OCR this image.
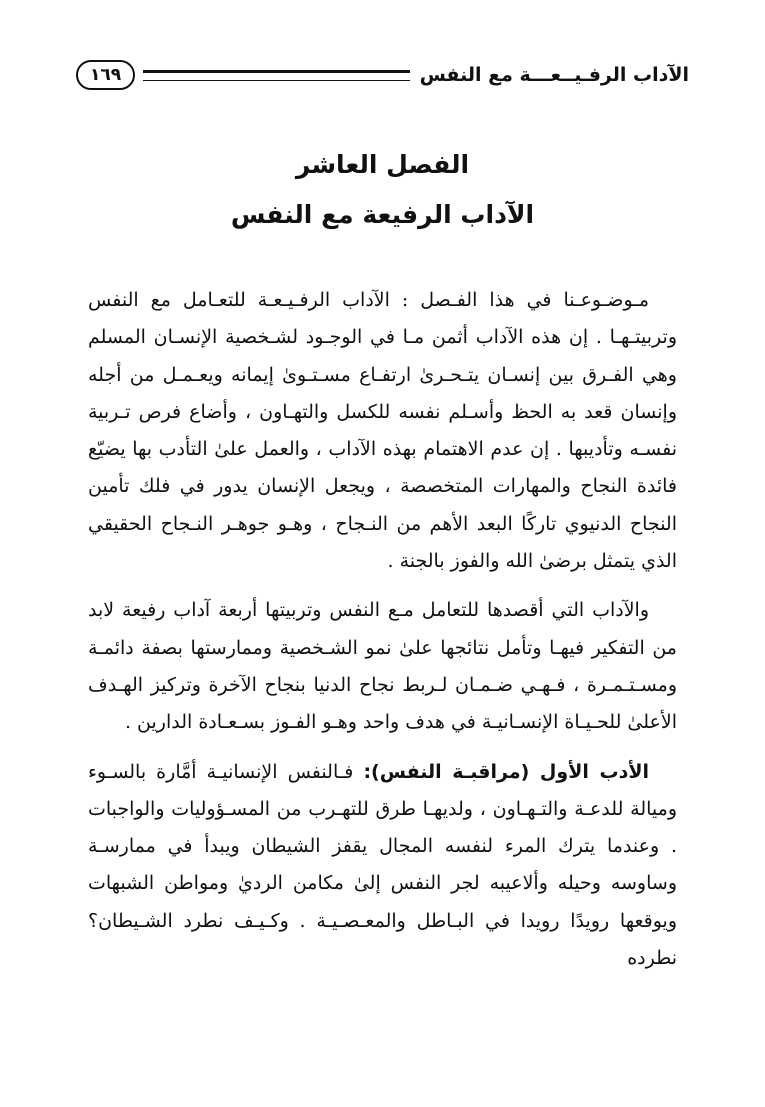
الآداب الرفـيــعـــة مع النفس
١٦٩
الفصل العاشر
الآداب الرفيعة مع النفس

مـوضـوعـنا في هذا الفـصل : الآداب الرفـيـعـة للتعـامل مع النفس وتربيتـهـا . إن هذه الآداب أثمن مـا في الوجـود لشـخصية الإنسـان المسلم وهي الفـرق بين إنسـان يتـحـرىٰ ارتفـاع مسـتـوىٰ إيمانه ويعـمـل من أجله وإنسان قعد به الحظ وأسـلم نفسه للكسل والتهـاون ، وأضاع فرص تـربية نفسـه وتأديبها . إن عدم الاهتمام بهذه الآداب ، والعمل علىٰ التأدب بها يضيّع فائدة النجاح والمهارات المتخصصة ، ويجعل الإنسان يدور في فلك تأمين النجاح الدنيوي تاركًا البعد الأهم من النـجاح ، وهـو جوهـر النـجاح الحقيقي الذي يتمثل برضىٰ الله والفوز بالجنة .

والآداب التي أقصدها للتعامل مـع النفس وتربيتها أربعة آداب رفيعة لابد من التفكير فيهـا وتأمل نتائجها علىٰ نمو الشـخصية وممارستها بصفة دائمـة ومسـتـمـرة ، فـهـي ضـمـان لـربط نجاح الدنيا بنجاح الآخرة وتركيز الهـدف الأعلىٰ للحـيـاة الإنسـانيـة في هدف واحد وهـو الفـوز بسـعـادة الدارين .

الأدب الأول (مراقبـة النفس): فـالنفس الإنسانيـة أمَّارة بالسـوء وميالة للدعـة والتـهـاون ، ولديهـا طرق للتهـرب من المسـؤوليات والواجبات . وعندما يترك المرء لنفسه المجال يقفز الشيطان ويبدأ في ممارسـة وساوسه وحيله وألاعيبه لجر النفس إلىٰ مكامن الرديٰ ومواطن الشبهات ويوقعها رويدًا رويدا في البـاطل والمعـصـيـة . وكـيـف نطرد الشـيطان؟ نطرده
